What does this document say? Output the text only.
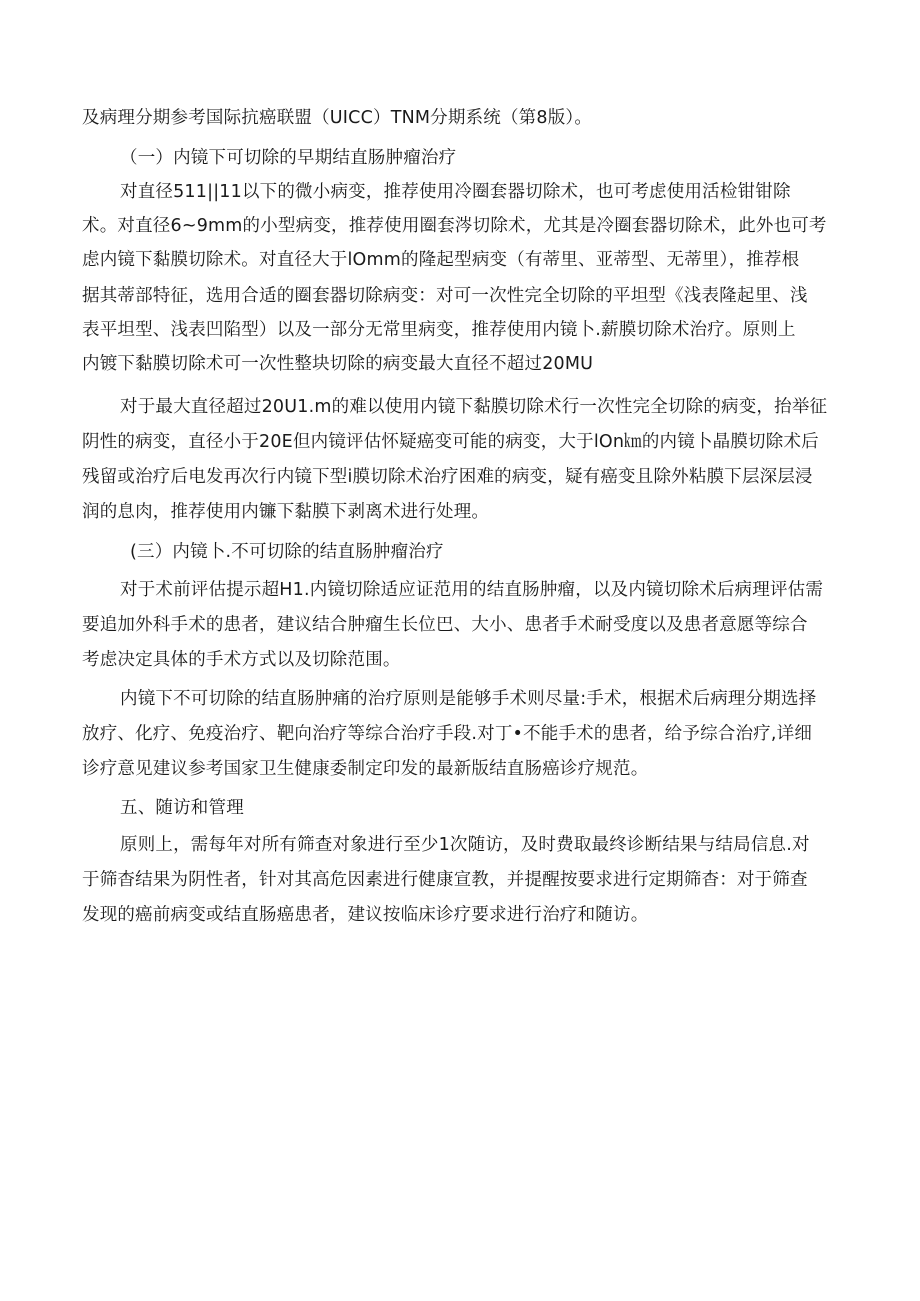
及病理分期参考国际抗癌联盟（UICC）TNM分期系统（第8版）。
（一）内镜下可切除的早期结直肠肿瘤治疗
对直径511||11以下的微小病变，推荐使用冷圈套器切除术，也可考虑使用活检钳钳除
术。对直径6~9mm的小型病变，推荐使用圈套涔切除术，尤其是冷圈套器切除术，此外也可考
虑内镜下黏膜切除术。对直径大于lOmm的隆起型病变（有蒂里、亚蒂型、无蒂里），推荐根
据其蒂部特征，选用合适的圈套器切除病变：对可一次性完全切除的平坦型《浅表隆起里、浅
表平坦型、浅表凹陷型）以及一部分无常里病变，推荐使用内镜卜.薪膜切除术治疗。原则上
内镀下黏膜切除术可一次性整块切除的病变最大直径不超过20MU
对于最大直径超过20U1.m的难以使用内镜下黏膜切除术行一次性完全切除的病变，抬举征
阴性的病变，直径小于20E但内镜评估怀疑癌变可能的病变，大于lOn㎞的内镜卜晶膜切除术后
残留或治疗后电发再次行内镜下型i膜切除术治疗困难的病变，疑有癌变且除外粘膜下层深层浸
润的息肉，推荐使用内镰下黏膜下剥离术进行处理。
(三）内镜卜.不可切除的结直肠肿瘤治疗
对于术前评估提示超H1.内镜切除适应证范用的结直肠肿瘤，以及内镜切除术后病理评估需
要追加外科手术的患者，建议结合肿瘤生长位巴、大小、患者手术耐受度以及患者意愿等综合
考虑决定具体的手术方式以及切除范围。
内镜下不可切除的结直肠肿痛的治疗原则是能够手术则尽量:手术，根据术后病理分期选择
放疗、化疗、免疫治疗、靶向治疗等综合治疗手段.对丁•不能手术的患者，给予综合治疗,详细
诊疗意见建议参考国家卫生健康委制定印发的最新版结直肠癌诊疗规范。
五、随访和管理
原则上，需每年对所有筛查对象进行至少1次随访，及时费取最终诊断结果与结局信息.对
于筛杳结果为阴性者，针对其高危因素进行健康宣教，并提醒按要求进行定期筛杳：对于筛查
发现的癌前病变或结直肠癌患者，建议按临床诊疗要求进行治疗和随访。
